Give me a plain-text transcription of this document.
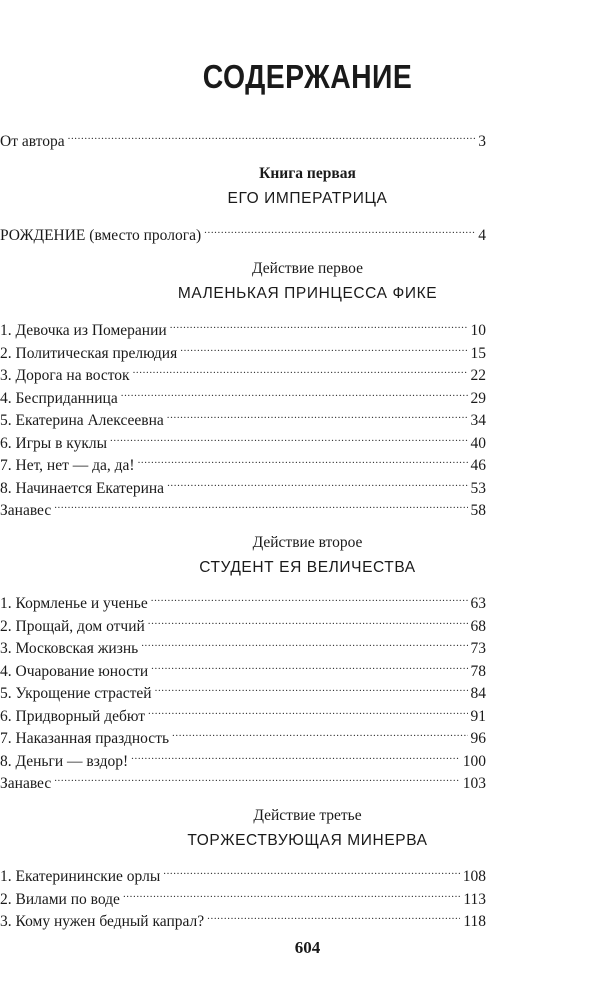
СОДЕРЖАНИЕ
От автора .....	3
Книга первая
ЕГО ИМПЕРАТРИЦА
РОЖДЕНИЕ (вместо пролога) .....	4
Действие первое
МАЛЕНЬКАЯ ПРИНЦЕССА ФИКЕ
1. Девочка из Померании .....	10
2. Политическая прелюдия .....	15
3. Дорога на восток .....	22
4. Бесприданница .....	29
5. Екатерина Алексеевна .....	34
6. Игры в куклы .....	40
7. Нет, нет — да, да! .....	46
8. Начинается Екатерина .....	53
Занавес .....	58
Действие второе
СТУДЕНТ ЕЯ ВЕЛИЧЕСТВА
1. Кормленье и ученье .....	63
2. Прощай, дом отчий .....	68
3. Московская жизнь .....	73
4. Очарование юности .....	78
5. Укрощение страстей .....	84
6. Придворный дебют .....	91
7. Наказанная праздность .....	96
8. Деньги — вздор! .....	100
Занавес .....	103
Действие третье
ТОРЖЕСТВУЮЩАЯ МИНЕРВА
1. Екатерининские орлы .....	108
2. Вилами по воде .....	113
3. Кому нужен бедный капрал? .....	118
604
